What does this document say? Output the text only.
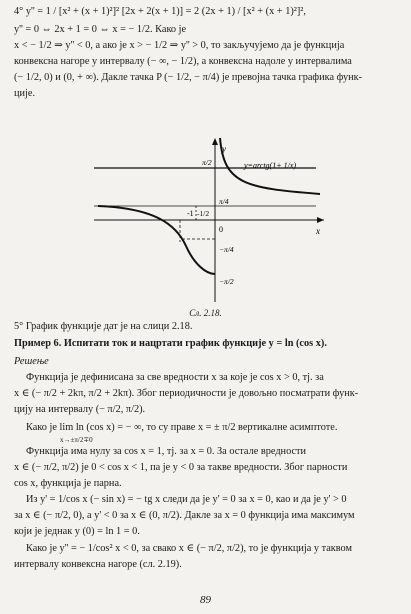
4° y'' = 1 / [x² + (x + 1)²]² [2x + 2(x + 1)] = 2 (2x + 1) / [x² + (x + 1)²]²,
y'' = 0 ⇔ 2x + 1 = 0 ⇔ x = − 1/2. Како је
x < − 1/2 ⇒ y'' < 0, а ако је x > − 1/2 ⇒ y'' > 0, то закључујемо да је функција
конвексна нагоре у интервалу (− ∞, − 1/2), а конвексна надоле у интервалима
(− 1/2, 0) и (0, + ∞). Дакле тачка P (− 1/2, − π/4) је превојна тачка графика функ-
ције.
y
x
0
y=arctg(1+ 1/x)
π/2
π/4
−π/4
−π/2
-1 -1/2
Сл. 2.18.
5° График функције дат је на слици 2.18.
Пример 6. Испитати ток и нацртати график функције y = ln (cos x).
Решење
Функција је дефинисана за све вредности x за које је cos x > 0, тј. за
x ∈ (− π/2 + 2kπ, π/2 + 2kπ). Због периодичности је довољно посматрати функ-
цију на интервалу (− π/2, π/2).
Како је lim ln (cos x) = − ∞, то су праве x = ± π/2 вертикалне асимптоте.
x→±π/2∓0
Функција има нулу за cos x = 1, тј. за x = 0. За остале вредности
x ∈ (− π/2, π/2) је 0 < cos x < 1, па је y < 0 за такве вредности. Због парности
cos x, функција је парна.
Из y' = 1/cos x (− sin x) = − tg x следи да је y' = 0 за x = 0, као и да је y' > 0
за x ∈ (− π/2, 0), а y' < 0 за x ∈ (0, π/2). Дакле за x = 0 функција има максимум
који је једнак y (0) = ln 1 = 0.
Како је y'' = − 1/cos² x < 0, за свако x ∈ (− π/2, π/2), то је функција у таквом
интервалу конвексна нагоре (сл. 2.19).
89
